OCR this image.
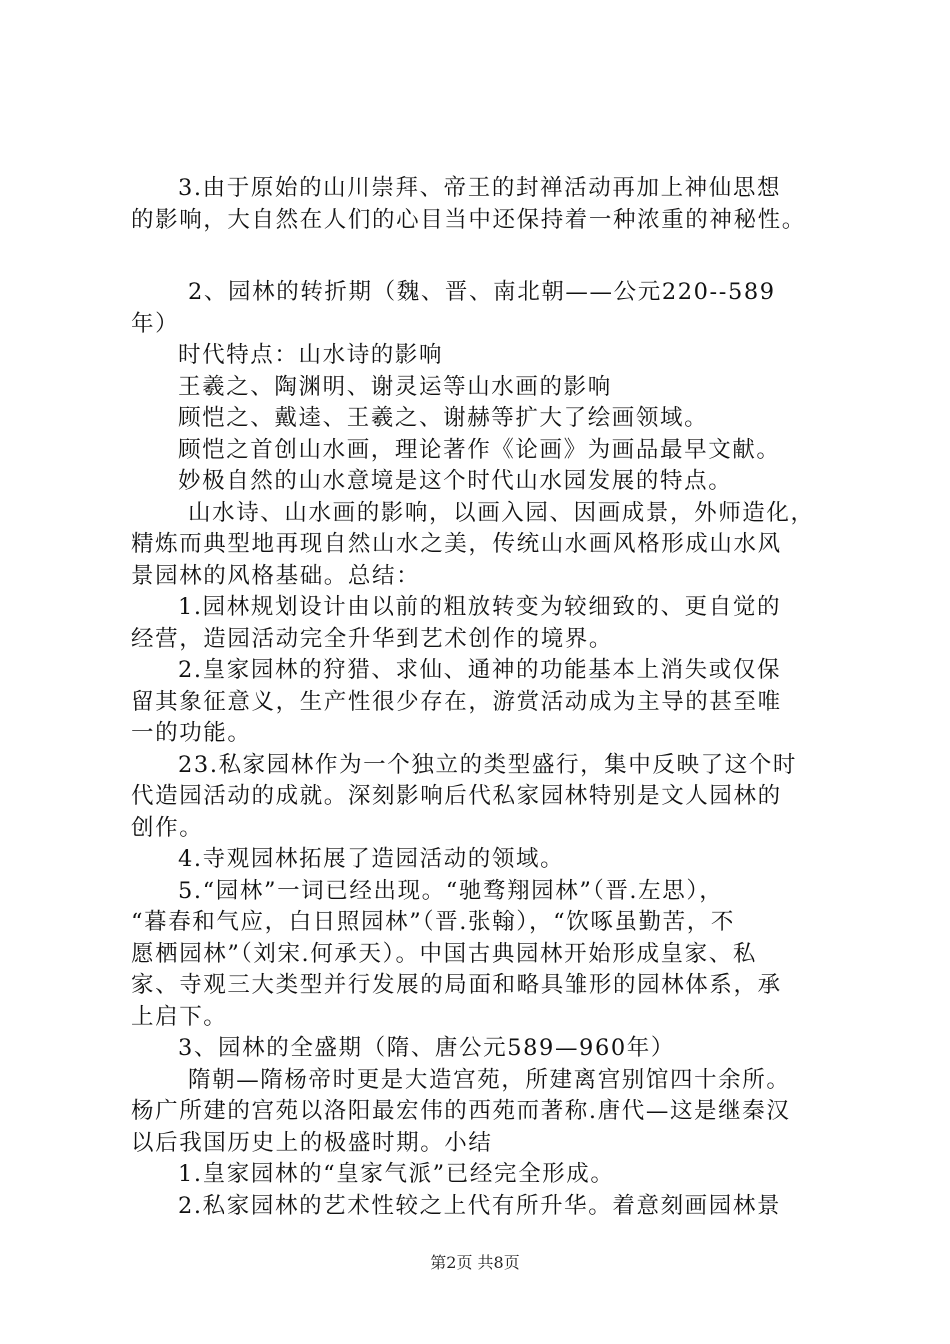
3.由于原始的山川崇拜、帝王的封禅活动再加上神仙思想
的影响，大自然在人们的心目当中还保持着一种浓重的神秘性。
2、园林的转折期（魏、晋、南北朝——公元220--589
年）
时代特点：山水诗的影响
王羲之、陶渊明、谢灵运等山水画的影响
顾恺之、戴逵、王羲之、谢赫等扩大了绘画领域。
顾恺之首创山水画，理论著作《论画》为画品最早文献。
妙极自然的山水意境是这个时代山水园发展的特点。
山水诗、山水画的影响，以画入园、因画成景，外师造化，
精炼而典型地再现自然山水之美，传统山水画风格形成山水风
景园林的风格基础。总结：
1.园林规划设计由以前的粗放转变为较细致的、更自觉的
经营，造园活动完全升华到艺术创作的境界。
2.皇家园林的狩猎、求仙、通神的功能基本上消失或仅保
留其象征意义，生产性很少存在，游赏活动成为主导的甚至唯
一的功能。
23.私家园林作为一个独立的类型盛行，集中反映了这个时
代造园活动的成就。深刻影响后代私家园林特别是文人园林的
创作。
4.寺观园林拓展了造园活动的领域。
5.“园林”一词已经出现。“驰骛翔园林”（晋.左思），
“暮春和气应，白日照园林”（晋.张翰），“饮啄虽勤苦，不
愿栖园林”（刘宋.何承天）。中国古典园林开始形成皇家、私
家、寺观三大类型并行发展的局面和略具雏形的园林体系，承
上启下。
3、园林的全盛期（隋、唐公元589—960年）
隋朝—隋杨帝时更是大造宫苑，所建离宫别馆四十余所。
杨广所建的宫苑以洛阳最宏伟的西苑而著称.唐代—这是继秦汉
以后我国历史上的极盛时期。小结
1.皇家园林的“皇家气派”已经完全形成。
2.私家园林的艺术性较之上代有所升华。着意刻画园林景
第2页 共8页
